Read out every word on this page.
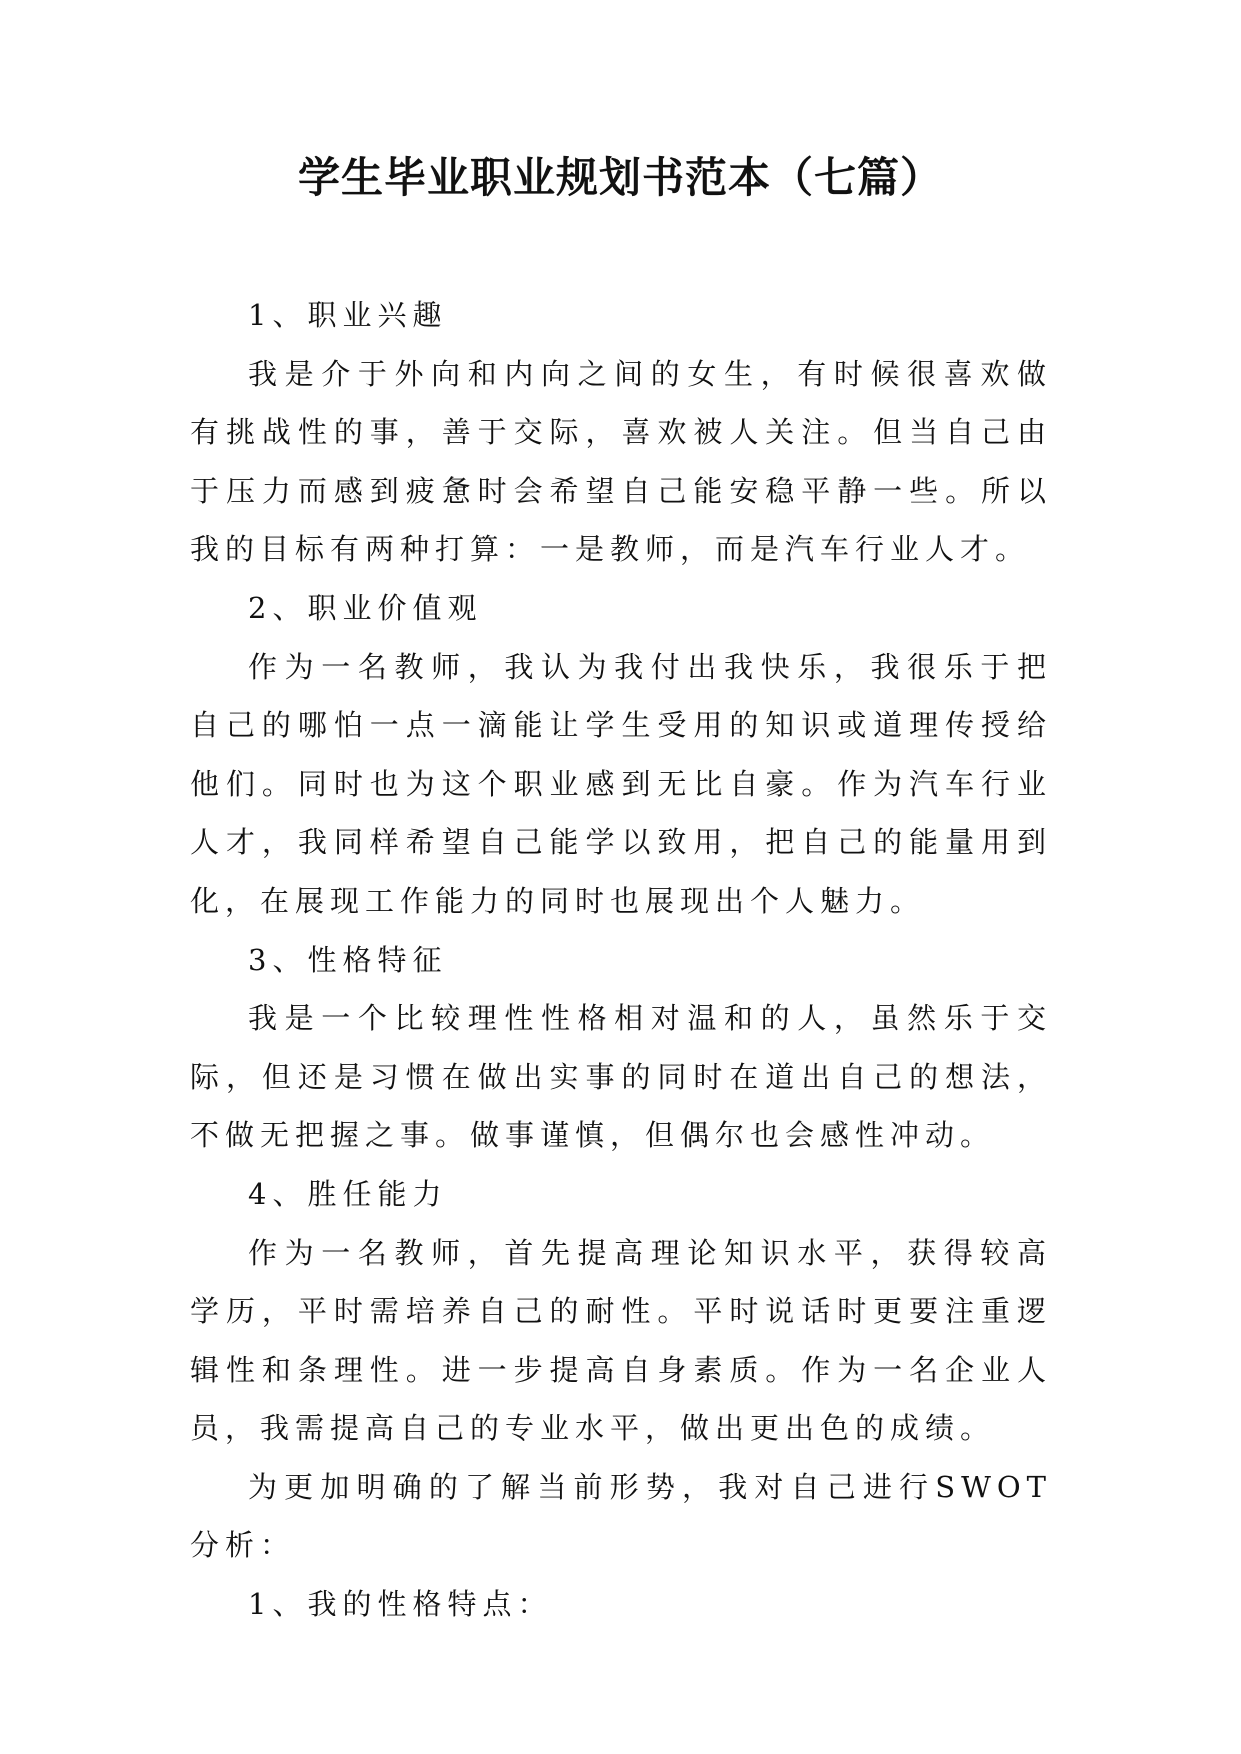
学生毕业职业规划书范本（七篇）

1、职业兴趣

我是介于外向和内向之间的女生，有时候很喜欢做有挑战性的事，善于交际，喜欢被人关注。但当自己由于压力而感到疲惫时会希望自己能安稳平静一些。所以我的目标有两种打算：一是教师，而是汽车行业人才。

2、职业价值观

作为一名教师，我认为我付出我快乐，我很乐于把自己的哪怕一点一滴能让学生受用的知识或道理传授给他们。同时也为这个职业感到无比自豪。作为汽车行业人才，我同样希望自己能学以致用，把自己的能量用到化，在展现工作能力的同时也展现出个人魅力。

3、性格特征

我是一个比较理性性格相对温和的人，虽然乐于交际，但还是习惯在做出实事的同时在道出自己的想法，不做无把握之事。做事谨慎，但偶尔也会感性冲动。

4、胜任能力

作为一名教师，首先提高理论知识水平，获得较高学历，平时需培养自己的耐性。平时说话时更要注重逻辑性和条理性。进一步提高自身素质。作为一名企业人员，我需提高自己的专业水平，做出更出色的成绩。

为更加明确的了解当前形势，我对自己进行SWOT分析：

1、我的性格特点：
